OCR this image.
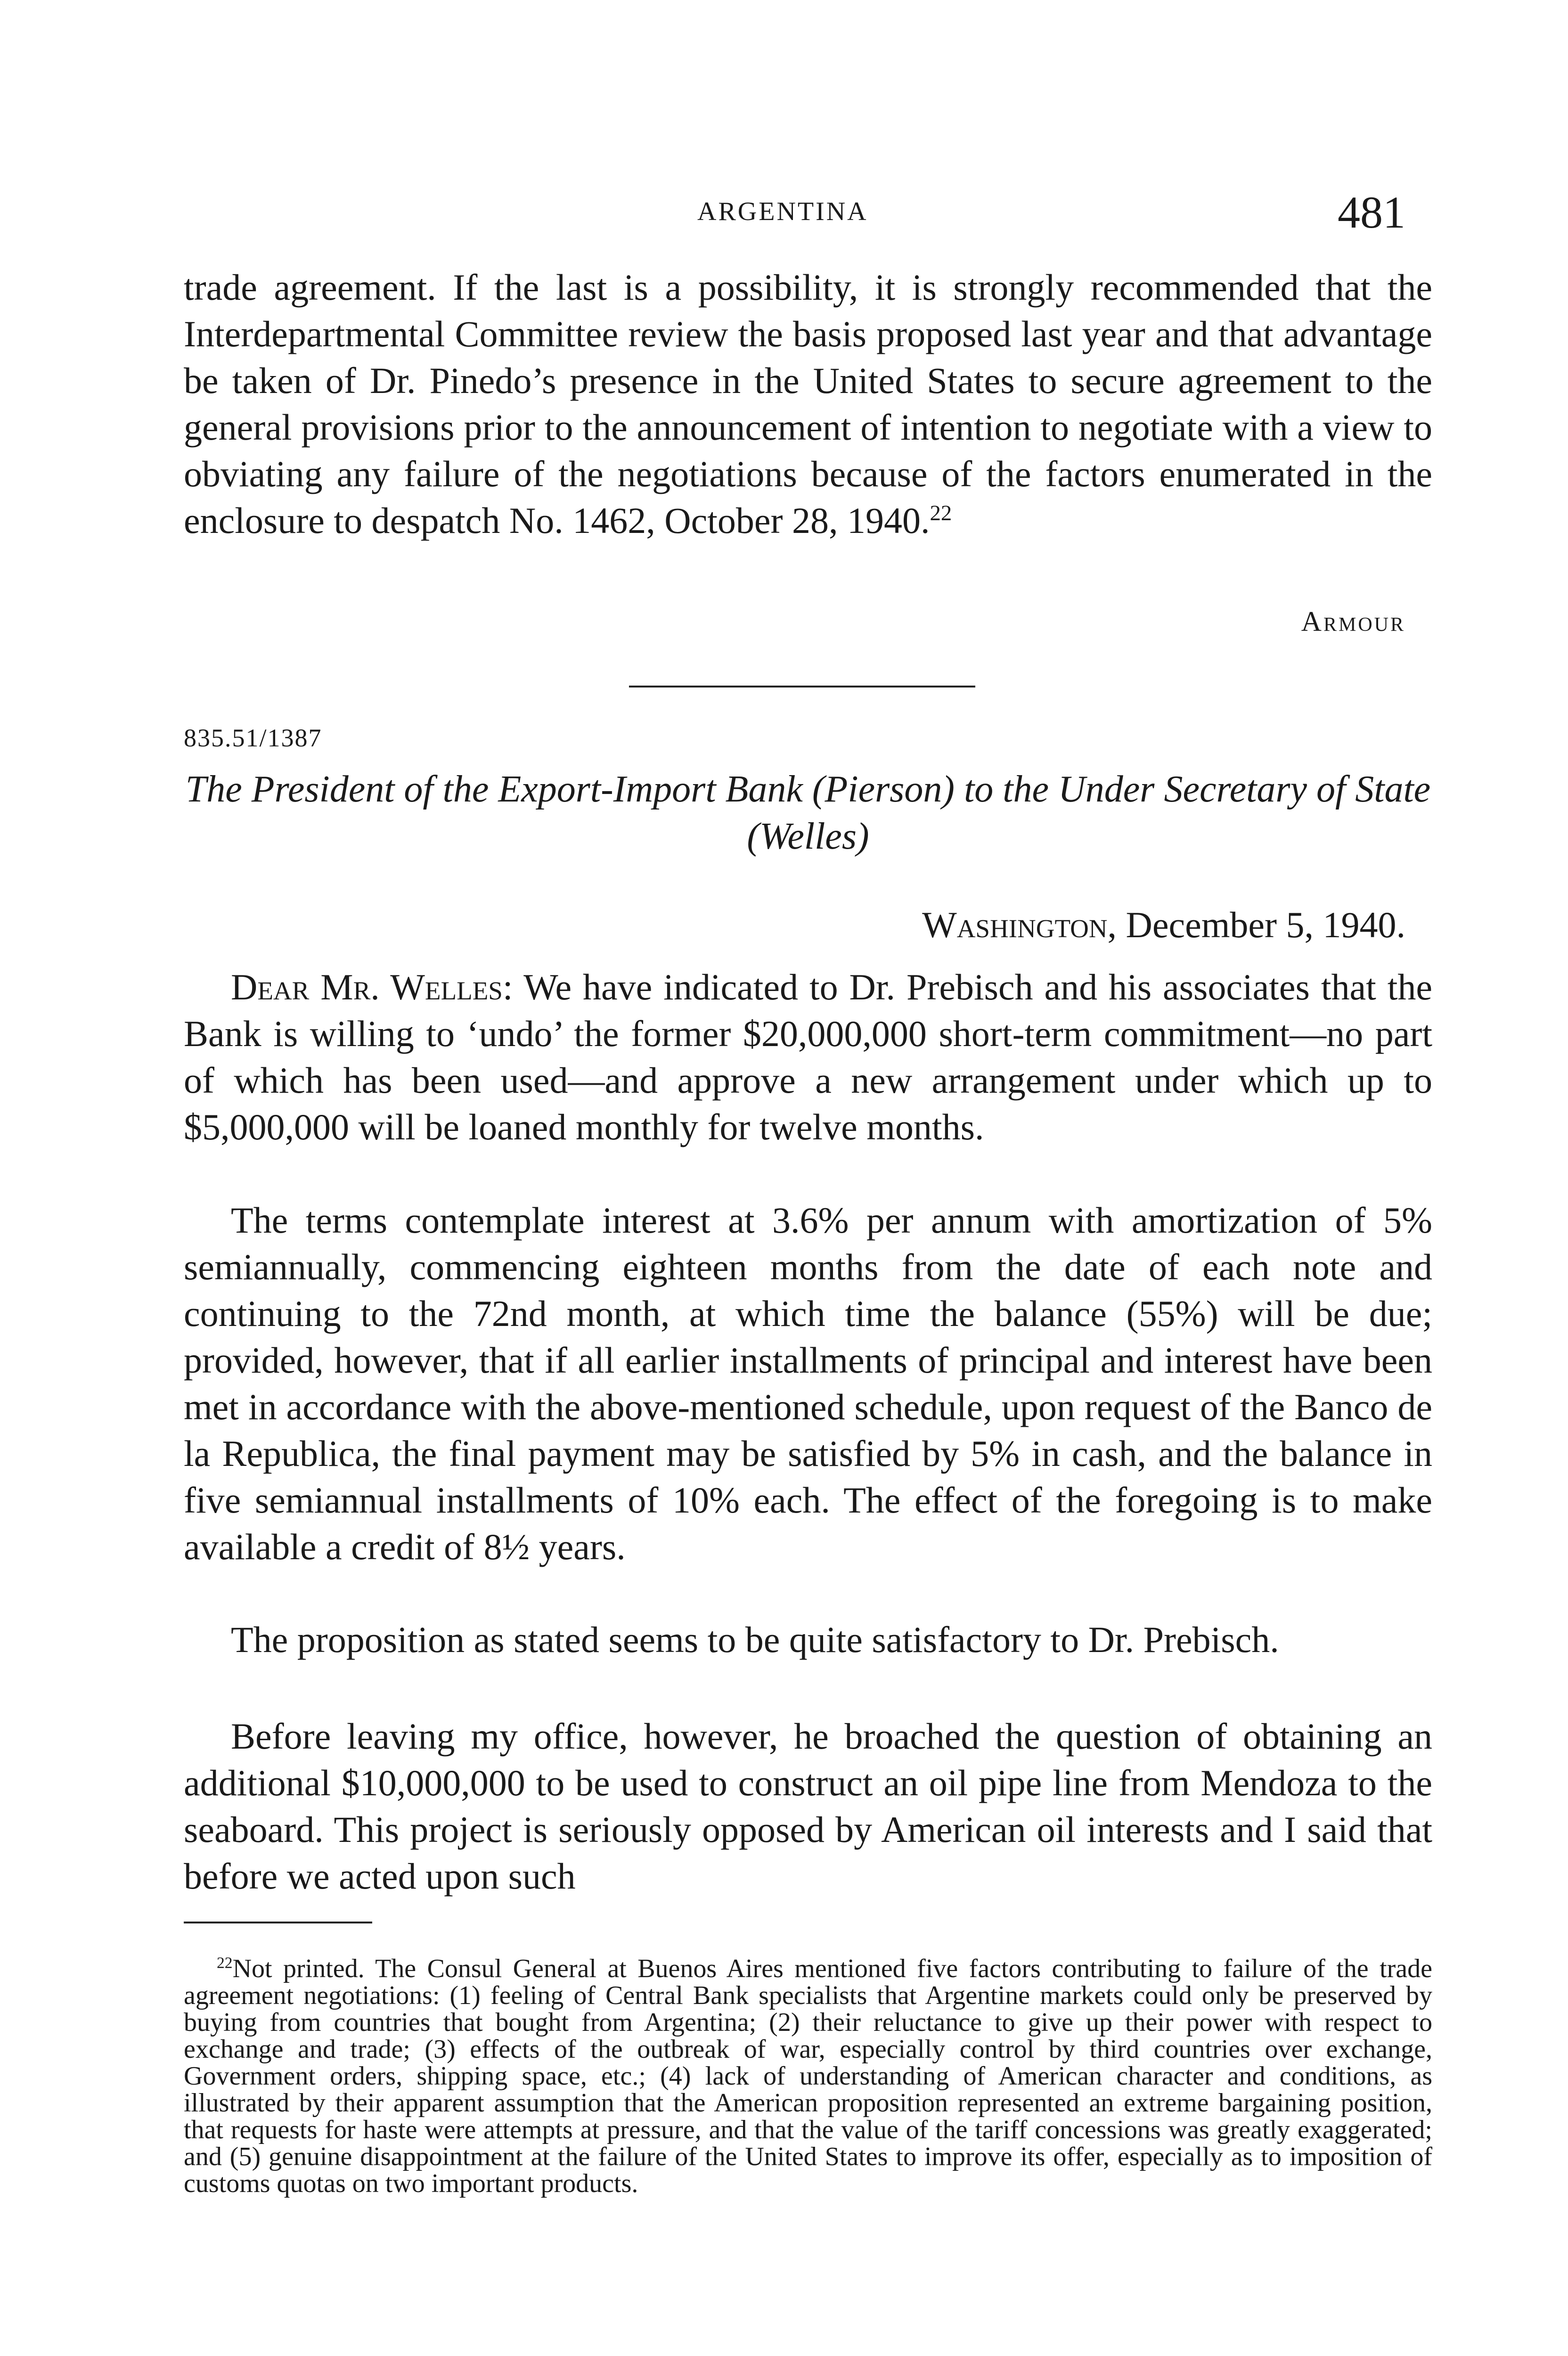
ARGENTINA	481

trade agreement. If the last is a possibility, it is strongly recommended that the Interdepartmental Committee review the basis proposed last year and that advantage be taken of Dr. Pinedo’s presence in the United States to secure agreement to the general provisions prior to the announcement of intention to negotiate with a view to obviating any failure of the negotiations because of the factors enumerated in the enclosure to despatch No. 1462, October 28, 1940.22

Armour
835.51/1387
The President of the Export-Import Bank (Pierson) to the Under Secretary of State (Welles)
Washington, December 5, 1940.

Dear Mr. Welles: We have indicated to Dr. Prebisch and his associates that the Bank is willing to ‘undo’ the former $20,000,000 short-term commitment—no part of which has been used—and approve a new arrangement under which up to $5,000,000 will be loaned monthly for twelve months.

The terms contemplate interest at 3.6% per annum with amortization of 5% semiannually, commencing eighteen months from the date of each note and continuing to the 72nd month, at which time the balance (55%) will be due; provided, however, that if all earlier installments of principal and interest have been met in accordance with the above-mentioned schedule, upon request of the Banco de la Republica, the final payment may be satisfied by 5% in cash, and the balance in five semiannual installments of 10% each. The effect of the foregoing is to make available a credit of 8½ years.

The proposition as stated seems to be quite satisfactory to Dr. Prebisch.

Before leaving my office, however, he broached the question of obtaining an additional $10,000,000 to be used to construct an oil pipe line from Mendoza to the seaboard. This project is seriously opposed by American oil interests and I said that before we acted upon such

$^{22}$Not printed. The Consul General at Buenos Aires mentioned five factors contributing to failure of the trade agreement negotiations: (1) feeling of Central Bank specialists that Argentine markets could only be preserved by buying from countries that bought from Argentina; (2) their reluctance to give up their power with respect to exchange and trade; (3) effects of the outbreak of war, especially control by third countries over exchange, Government orders, shipping space, etc.; (4) lack of understanding of American character and conditions, as illustrated by their apparent assumption that the American proposition represented an extreme bargaining position, that requests for haste were attempts at pressure, and that the value of the tariff concessions was greatly exaggerated; and (5) genuine disappointment at the failure of the United States to improve its offer, especially as to imposition of customs quotas on two important products.
